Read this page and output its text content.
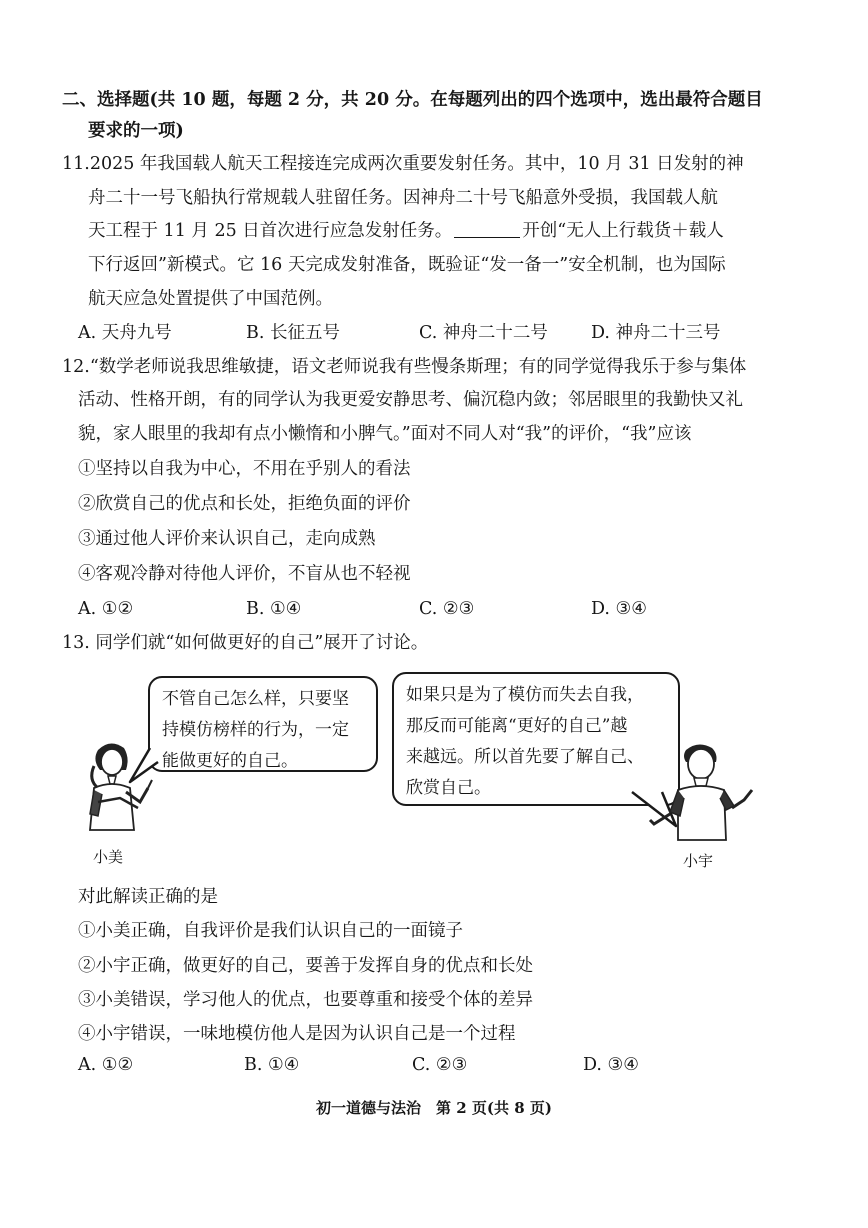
二、选择题(共 10 题，每题 2 分，共 20 分。在每题列出的四个选项中，选出最符合题目
要求的一项)
11.2025 年我国载人航天工程接连完成两次重要发射任务。其中，10 月 31 日发射的神
舟二十一号飞船执行常规载人驻留任务。因神舟二十号飞船意外受损，我国载人航
天工程于 11 月 25 日首次进行应急发射任务。	开创“无人上行载货＋载人
下行返回”新模式。它 16 天完成发射准备，既验证“发一备一”安全机制，也为国际
航天应急处置提供了中国范例。
A. 天舟九号	B. 长征五号	C. 神舟二十二号 D. 神舟二十三号
12.“数学老师说我思维敏捷，语文老师说我有些慢条斯理；有的同学觉得我乐于参与集体
活动、性格开朗，有的同学认为我更爱安静思考、偏沉稳内敛；邻居眼里的我勤快又礼
貌，家人眼里的我却有点小懒惰和小脾气。”面对不同人对“我”的评价，“我”应该
①坚持以自我为中心，不用在乎别人的看法
②欣赏自己的优点和长处，拒绝负面的评价
③通过他人评价来认识自己，走向成熟
④客观冷静对待他人评价，不盲从也不轻视
A. ①②	B. ①④	C. ②③	D. ③④
13. 同学们就“如何做更好的自己”展开了讨论。
不管自己怎么样，只要坚
持模仿榜样的行为，一定
能做更好的自己。
如果只是为了模仿而失去自我，
那反而可能离“更好的自己”越
来越远。所以首先要了解自己、
欣赏自己。
小美	小宇
对此解读正确的是
①小美正确，自我评价是我们认识自己的一面镜子
②小宇正确，做更好的自己，要善于发挥自身的优点和长处
③小美错误，学习他人的优点，也要尊重和接受个体的差异
④小宇错误，一味地模仿他人是因为认识自己是一个过程
A. ①②	B. ①④	C. ②③	D. ③④
初一道德与法治　第 2 页(共 8 页)
